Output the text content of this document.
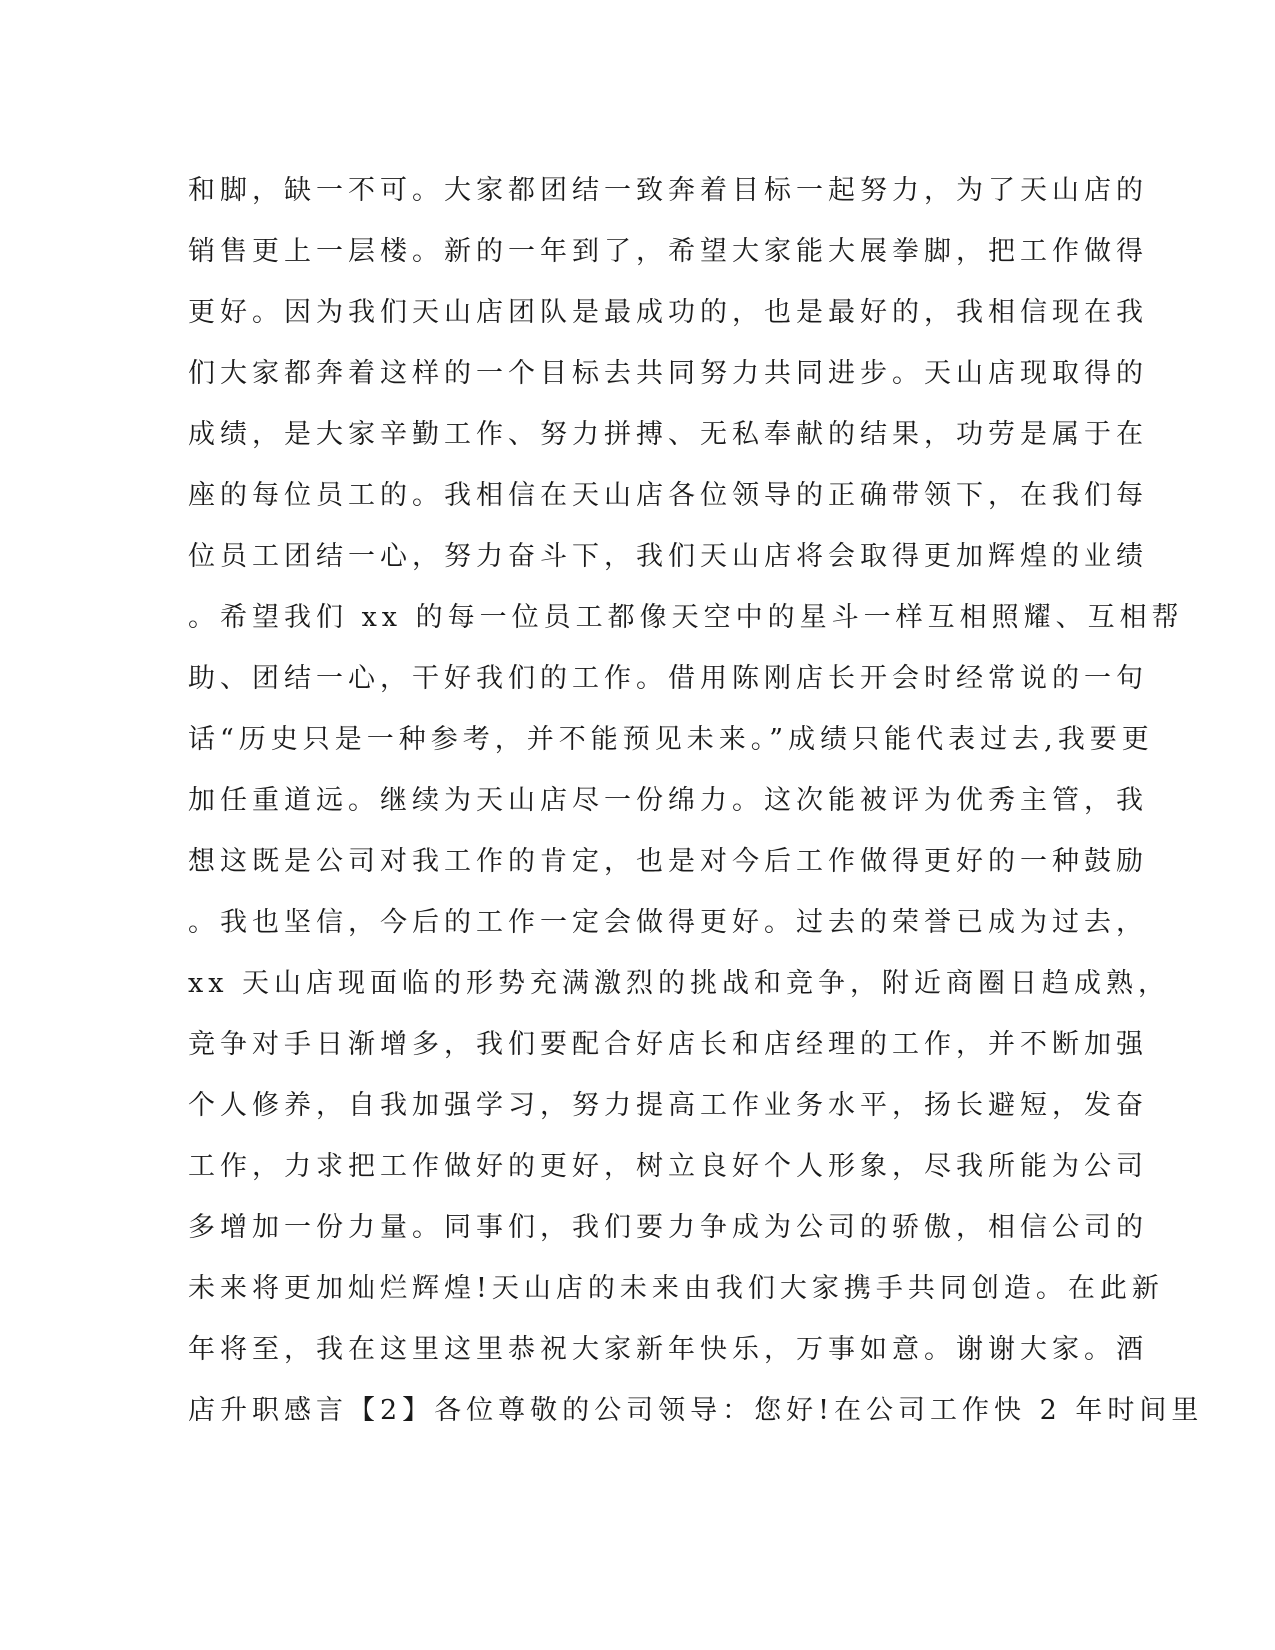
和脚，缺一不可。大家都团结一致奔着目标一起努力，为了天山店的
销售更上一层楼。新的一年到了，希望大家能大展拳脚，把工作做得
更好。因为我们天山店团队是最成功的，也是最好的，我相信现在我
们大家都奔着这样的一个目标去共同努力共同进步。天山店现取得的
成绩，是大家辛勤工作、努力拼搏、无私奉献的结果，功劳是属于在
座的每位员工的。我相信在天山店各位领导的正确带领下，在我们每
位员工团结一心，努力奋斗下，我们天山店将会取得更加辉煌的业绩
。希望我们 xx 的每一位员工都像天空中的星斗一样互相照耀、互相帮
助、团结一心，干好我们的工作。借用陈刚店长开会时经常说的一句
话“历史只是一种参考，并不能预见未来。”成绩只能代表过去,我要更
加任重道远。继续为天山店尽一份绵力。这次能被评为优秀主管，我
想这既是公司对我工作的肯定，也是对今后工作做得更好的一种鼓励
。我也坚信，今后的工作一定会做得更好。过去的荣誉已成为过去，
xx 天山店现面临的形势充满激烈的挑战和竞争，附近商圈日趋成熟，
竞争对手日渐增多，我们要配合好店长和店经理的工作，并不断加强
个人修养，自我加强学习，努力提高工作业务水平，扬长避短，发奋
工作，力求把工作做好的更好，树立良好个人形象，尽我所能为公司
多增加一份力量。同事们，我们要力争成为公司的骄傲，相信公司的
未来将更加灿烂辉煌!天山店的未来由我们大家携手共同创造。在此新
年将至，我在这里这里恭祝大家新年快乐，万事如意。谢谢大家。酒
店升职感言【2】各位尊敬的公司领导：您好!在公司工作快 2 年时间里
